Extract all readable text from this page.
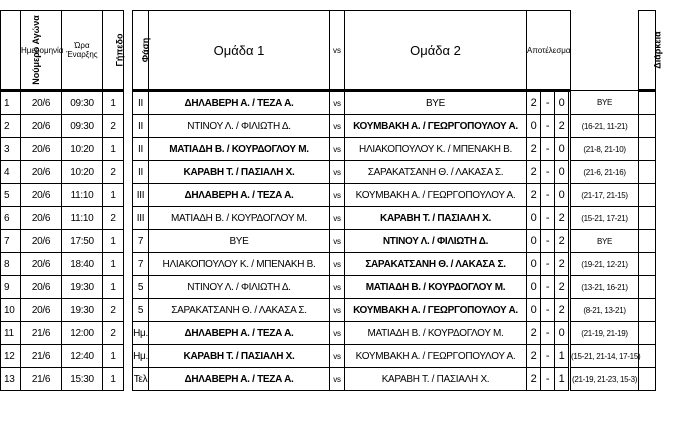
Νούμερο Αγώνα	Ημερομηνία	Ώρα Έναρξης	Γήπεδο		Φάση	Ομάδα 1	vs	Ομάδα 2	Αποτέλεσμα					Διάρκεια
1	20/6	09:30	1		II	ΔΗΛΑΒΕΡΗ Α. / ΤΕΖΑ Α.	vs	BYE	2	-	0		BYE	
2	20/6	09:30	2		II	ΝΤΙΝΟΥ Λ. / ΦΙΛΙΩΤΗ Δ.	vs	ΚΟΥΜΒΑΚΗ Α. / ΓΕΩΡΓΟΠΟΥΛΟΥ Α.	0	-	2		(16-21, 11-21)	
3	20/6	10:20	1		II	ΜΑΤΙΑΔΗ Β. / ΚΟΥΡΔΟΓΛΟΥ Μ.	vs	ΗΛΙΑΚΟΠΟΥΛΟΥ Κ. / ΜΠΕΝΑΚΗ Β.	2	-	0		(21-8, 21-10)	
4	20/6	10:20	2		II	ΚΑΡΑΒΗ Τ. / ΠΑΣΙΑΛΗ Χ.	vs	ΣΑΡΑΚΑΤΣΑΝΗ Θ. / ΛΑΚΑΣΑ Σ.	2	-	0		(21-6, 21-16)	
5	20/6	11:10	1		III	ΔΗΛΑΒΕΡΗ Α. / ΤΕΖΑ Α.	vs	ΚΟΥΜΒΑΚΗ Α. / ΓΕΩΡΓΟΠΟΥΛΟΥ Α.	2	-	0		(21-17, 21-15)	
6	20/6	11:10	2		III	ΜΑΤΙΑΔΗ Β. / ΚΟΥΡΔΟΓΛΟΥ Μ.	vs	ΚΑΡΑΒΗ Τ. / ΠΑΣΙΑΛΗ Χ.	0	-	2		(15-21, 17-21)	
7	20/6	17:50	1		7	BYE	vs	ΝΤΙΝΟΥ Λ. / ΦΙΛΙΩΤΗ Δ.	0	-	2		BYE	
8	20/6	18:40	1		7	ΗΛΙΑΚΟΠΟΥΛΟΥ Κ. / ΜΠΕΝΑΚΗ Β.	vs	ΣΑΡΑΚΑΤΣΑΝΗ Θ. / ΛΑΚΑΣΑ Σ.	0	-	2		(19-21, 12-21)	
9	20/6	19:30	1		5	ΝΤΙΝΟΥ Λ. / ΦΙΛΙΩΤΗ Δ.	vs	ΜΑΤΙΑΔΗ Β. / ΚΟΥΡΔΟΓΛΟΥ Μ.	0	-	2		(13-21, 16-21)	
10	20/6	19:30	2		5	ΣΑΡΑΚΑΤΣΑΝΗ Θ. / ΛΑΚΑΣΑ Σ.	vs	ΚΟΥΜΒΑΚΗ Α. / ΓΕΩΡΓΟΠΟΥΛΟΥ Α.	0	-	2		(8-21, 13-21)	
11	21/6	12:00	2		Ημ.	ΔΗΛΑΒΕΡΗ Α. / ΤΕΖΑ Α.	vs	ΜΑΤΙΑΔΗ Β. / ΚΟΥΡΔΟΓΛΟΥ Μ.	2	-	0		(21-19, 21-19)	
12	21/6	12:40	1		Ημ.	ΚΑΡΑΒΗ Τ. / ΠΑΣΙΑΛΗ Χ.	vs	ΚΟΥΜΒΑΚΗ Α. / ΓΕΩΡΓΟΠΟΥΛΟΥ Α.	2	-	1		(15-21, 21-14, 17-15)	
13	21/6	15:30	1		Τελ	ΔΗΛΑΒΕΡΗ Α. / ΤΕΖΑ Α.	vs	ΚΑΡΑΒΗ Τ. / ΠΑΣΙΑΛΗ Χ.	2	-	1		(21-19, 21-23, 15-3)	
